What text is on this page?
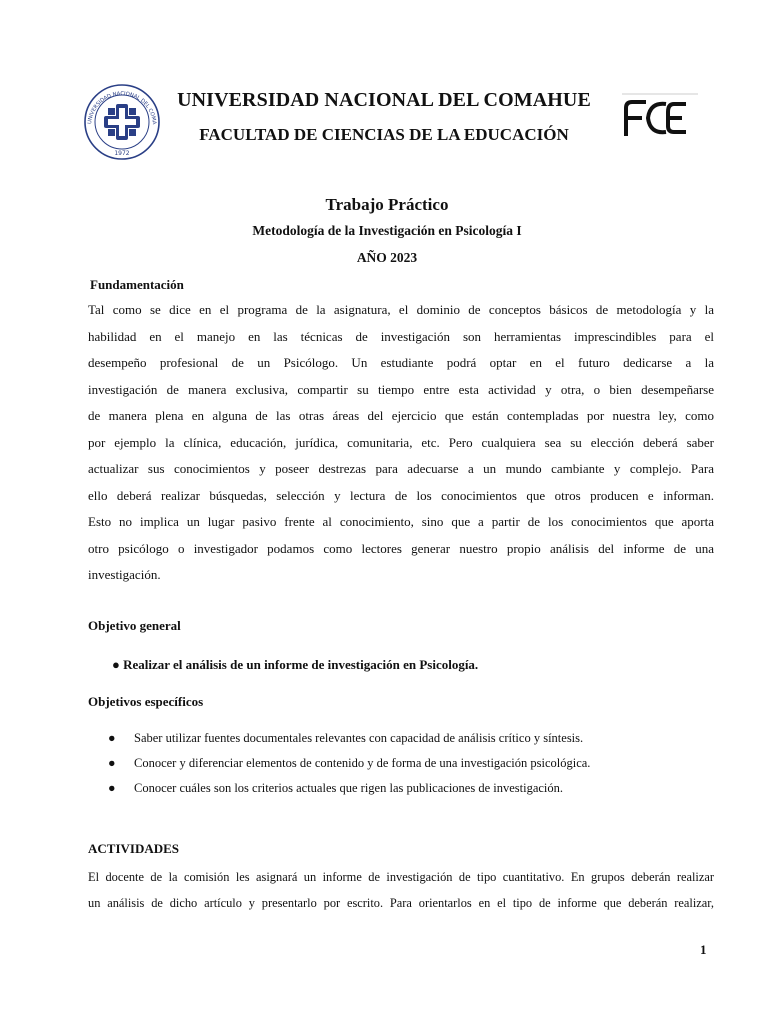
UNIVERSIDAD NACIONAL DEL COMA
1972
UNIVERSIDAD NACIONAL DEL COMAHUE
FACULTAD DE CIENCIAS DE LA EDUCACIÓN
Trabajo Práctico
Metodología de la Investigación en Psicología I
AÑO 2023
Fundamentación
Tal como se dice en el programa de la asignatura, el dominio de conceptos básicos de metodología y la
habilidad en el manejo en las técnicas de investigación son herramientas imprescindibles para el
desempeño profesional de un Psicólogo. Un estudiante podrá optar en el futuro dedicarse a la
investigación de manera exclusiva, compartir su tiempo entre esta actividad y otra, o bien desempeñarse
de manera plena en alguna de las otras áreas del ejercicio que están contempladas por nuestra ley, como
por ejemplo la clínica, educación, jurídica, comunitaria, etc. Pero cualquiera sea su elección deberá saber
actualizar sus conocimientos y poseer destrezas para adecuarse a un mundo cambiante y complejo. Para
ello deberá realizar búsquedas, selección y lectura de los conocimientos que otros producen e informan.
Esto no implica un lugar pasivo frente al conocimiento, sino que a partir de los conocimientos que aporta
otro psicólogo o investigador podamos como lectores generar nuestro propio análisis del informe de una
investigación.
Objetivo general
● Realizar el análisis de un informe de investigación en Psicología.
Objetivos específicos
● Saber utilizar fuentes documentales relevantes con capacidad de análisis crítico y síntesis.
● Conocer y diferenciar elementos de contenido y de forma de una investigación psicológica.
● Conocer cuáles son los criterios actuales que rigen las publicaciones de investigación.
ACTIVIDADES
El docente de la comisión les asignará un informe de investigación de tipo cuantitativo. En grupos deberán realizar
un análisis de dicho artículo y presentarlo por escrito. Para orientarlos en el tipo de informe que deberán realizar,
1
